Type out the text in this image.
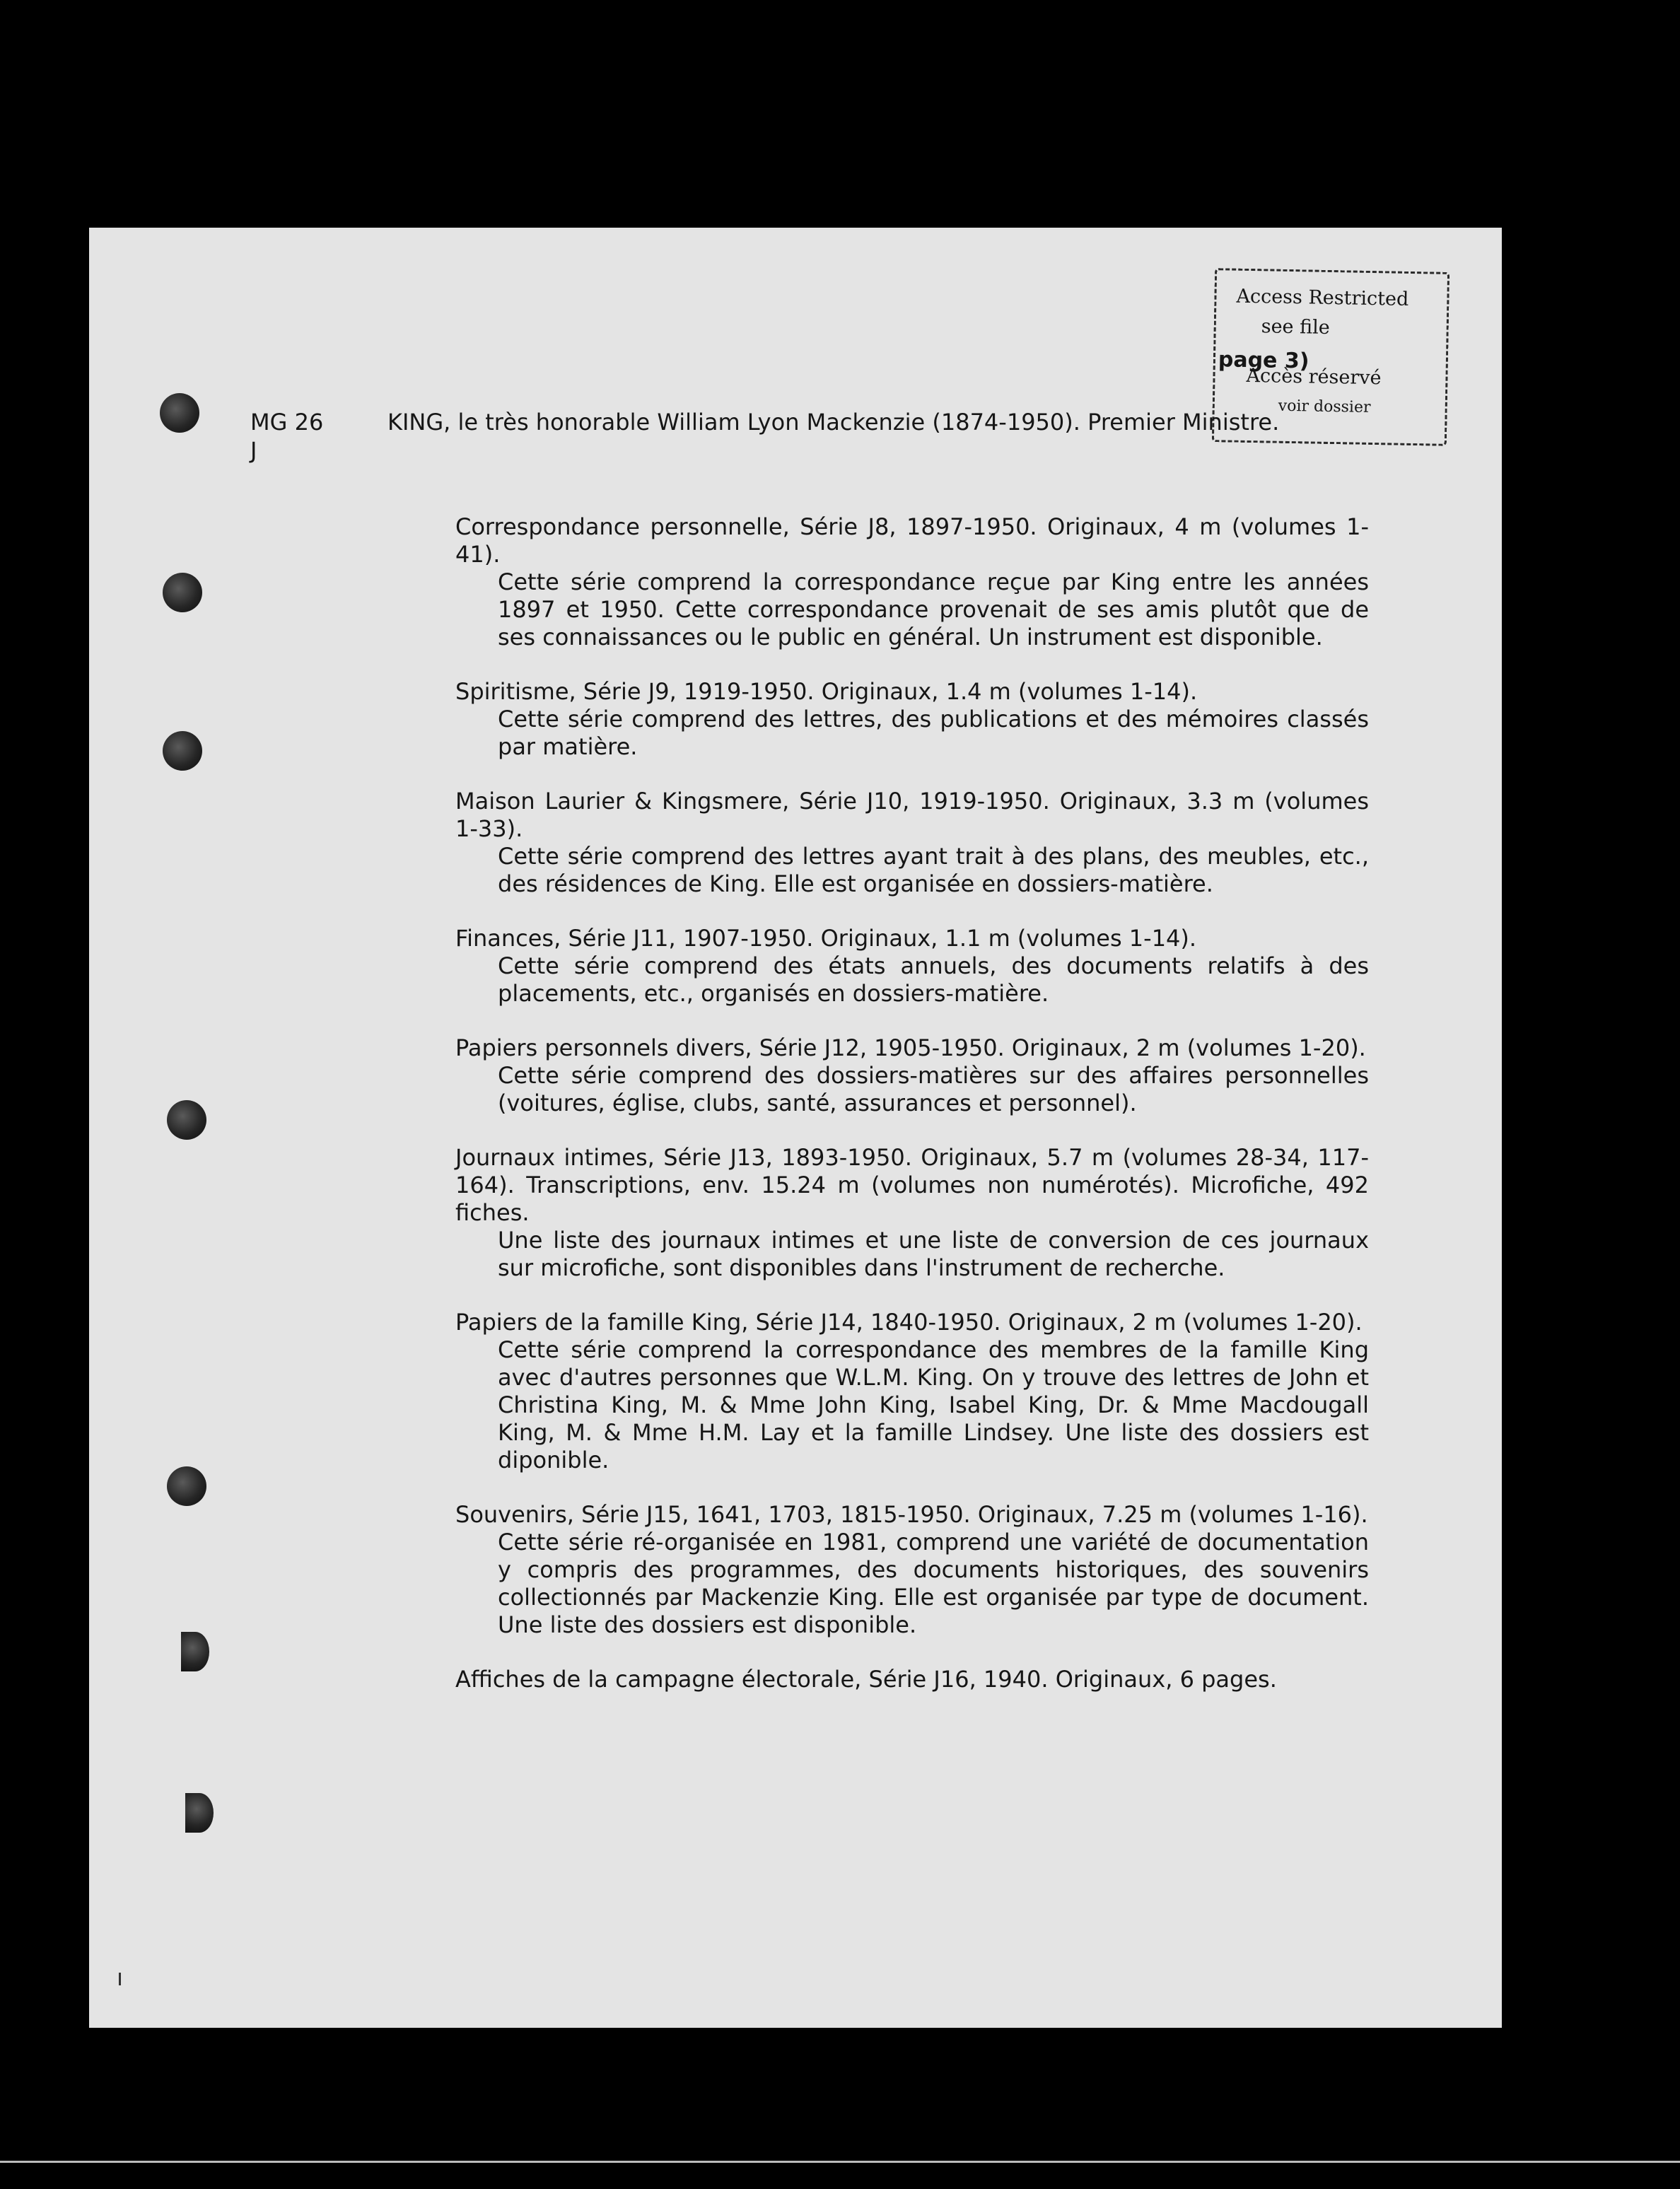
Access Restricted
see file
page 3)
Accès réservé
voir dossier
MG 26
J
KING, le très honorable William Lyon Mackenzie (1874-1950). Premier Ministre.

Correspondance personnelle, Série J8, 1897-1950. Originaux, 4 m (volumes 1-41).

Cette série comprend la correspondance reçue par King entre les années 1897 et 1950. Cette correspondance provenait de ses amis plutôt que de ses connaissances ou le public en général. Un instrument est disponible.

Spiritisme, Série J9, 1919-1950. Originaux, 1.4 m (volumes 1-14).

Cette série comprend des lettres, des publications et des mémoires classés par matière.

Maison Laurier & Kingsmere, Série J10, 1919-1950. Originaux, 3.3 m (volumes 1-33).

Cette série comprend des lettres ayant trait à des plans, des meubles, etc., des résidences de King. Elle est organisée en dossiers-matière.

Finances, Série J11, 1907-1950. Originaux, 1.1 m (volumes 1-14).

Cette série comprend des états annuels, des documents relatifs à des placements, etc., organisés en dossiers-matière.

Papiers personnels divers, Série J12, 1905-1950. Originaux, 2 m (volumes 1-20).

Cette série comprend des dossiers-matières sur des affaires personnelles (voitures, église, clubs, santé, assurances et personnel).

Journaux intimes, Série J13, 1893-1950. Originaux, 5.7 m (volumes 28-34, 117-164). Transcriptions, env. 15.24 m (volumes non numérotés). Microfiche, 492 fiches.

Une liste des journaux intimes et une liste de conversion de ces journaux sur microfiche, sont disponibles dans l'instrument de recherche.

Papiers de la famille King, Série J14, 1840-1950. Originaux, 2 m (volumes 1-20).

Cette série comprend la correspondance des membres de la famille King avec d'autres personnes que W.L.M. King. On y trouve des lettres de John et Christina King, M. & Mme John King, Isabel King, Dr. & Mme Macdougall King, M. & Mme H.M. Lay et la famille Lindsey. Une liste des dossiers est diponible.

Souvenirs, Série J15, 1641, 1703, 1815-1950. Originaux, 7.25 m (volumes 1-16).

Cette série ré-organisée en 1981, comprend une variété de documentation y compris des programmes, des documents historiques, des souvenirs collectionnés par Mackenzie King. Elle est organisée par type de document. Une liste des dossiers est disponible.

Affiches de la campagne électorale, Série J16, 1940. Originaux, 6 pages.
